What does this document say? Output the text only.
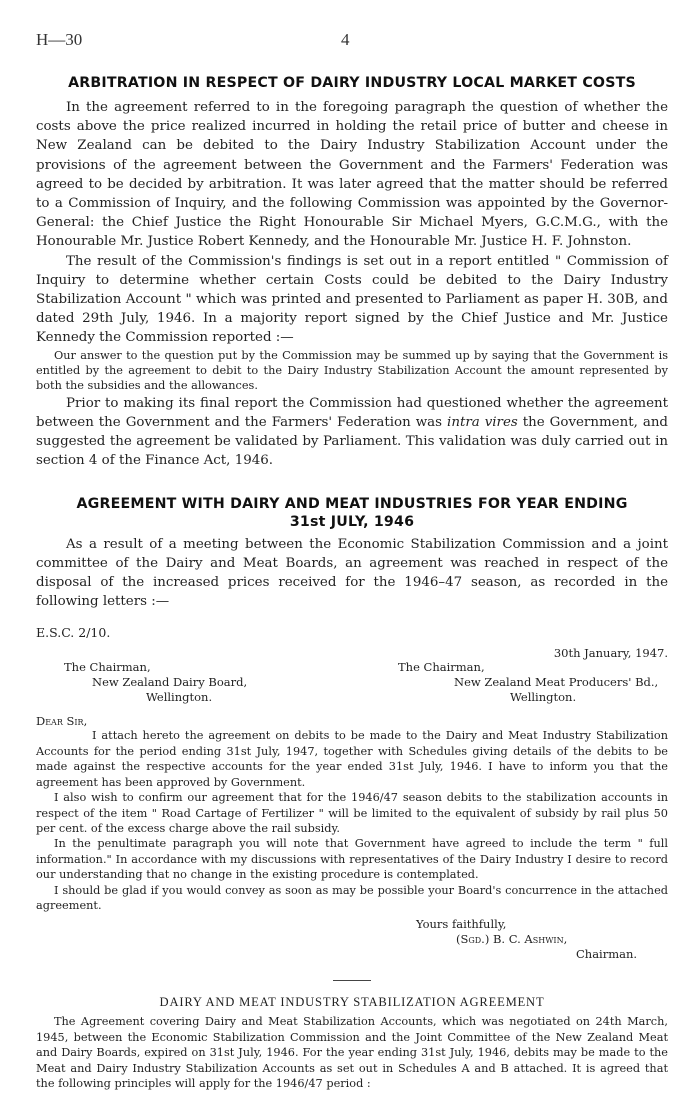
H—30	4
ARBITRATION IN RESPECT OF DAIRY INDUSTRY LOCAL MARKET COSTS

In the agreement referred to in the foregoing paragraph the question of whether the costs above the price realized incurred in holding the retail price of butter and cheese in New Zealand can be debited to the Dairy Industry Stabilization Account under the provisions of the agreement between the Government and the Farmers' Federation was agreed to be decided by arbitration. It was later agreed that the matter should be referred to a Commission of Inquiry, and the following Commission was appointed by the Governor-General: the Chief Justice the Right Honourable Sir Michael Myers, G.C.M.G., with the Honourable Mr. Justice Robert Kennedy, and the Honourable Mr. Justice H. F. Johnston.

The result of the Commission's findings is set out in a report entitled " Commission of Inquiry to determine whether certain Costs could be debited to the Dairy Industry Stabilization Account " which was printed and presented to Parliament as paper H. 30B, and dated 29th July, 1946. In a majority report signed by the Chief Justice and Mr. Justice Kennedy the Commission reported :—

Our answer to the question put by the Commission may be summed up by saying that the Government is entitled by the agreement to debit to the Dairy Industry Stabilization Account the amount represented by both the subsidies and the allowances.

Prior to making its final report the Commission had questioned whether the agreement between the Government and the Farmers' Federation was intra vires the Government, and suggested the agreement be validated by Parliament. This validation was duly carried out in section 4 of the Finance Act, 1946.

AGREEMENT WITH DAIRY AND MEAT INDUSTRIES FOR YEAR ENDING
31st JULY, 1946

As a result of a meeting between the Economic Stabilization Commission and a joint committee of the Dairy and Meat Boards, an agreement was reached in respect of the disposal of the increased prices received for the 1946–47 season, as recorded in the following letters :—

E.S.C. 2/10.
30th January, 1947.
The Chairman,
New Zealand Dairy Board,
Wellington.
The Chairman,
New Zealand Meat Producers' Bd.,
Wellington.
Dear Sir,

I attach hereto the agreement on debits to be made to the Dairy and Meat Industry Stabilization Accounts for the period ending 31st July, 1947, together with Schedules giving details of the debits to be made against the respective accounts for the year ended 31st July, 1946. I have to inform you that the agreement has been approved by Government.

I also wish to confirm our agreement that for the 1946/47 season debits to the stabilization accounts in respect of the item " Road Cartage of Fertilizer " will be limited to the equivalent of subsidy by rail plus 50 per cent. of the excess charge above the rail subsidy.

In the penultimate paragraph you will note that Government have agreed to include the term " full information." In accordance with my discussions with representatives of the Dairy Industry I desire to record our understanding that no change in the existing procedure is contemplated.

I should be glad if you would convey as soon as may be possible your Board's concurrence in the attached agreement.

Yours faithfully,
(Sgd.) B. C. Ashwin,
Chairman.
DAIRY AND MEAT INDUSTRY STABILIZATION AGREEMENT

The Agreement covering Dairy and Meat Stabilization Accounts, which was negotiated on 24th March, 1945, between the Economic Stabilization Commission and the Joint Committee of the New Zealand Meat and Dairy Boards, expired on 31st July, 1946. For the year ending 31st July, 1946, debits may be made to the Meat and Dairy Industry Stabilization Accounts as set out in Schedules A and B attached. It is agreed that the following principles will apply for the 1946/47 period :
